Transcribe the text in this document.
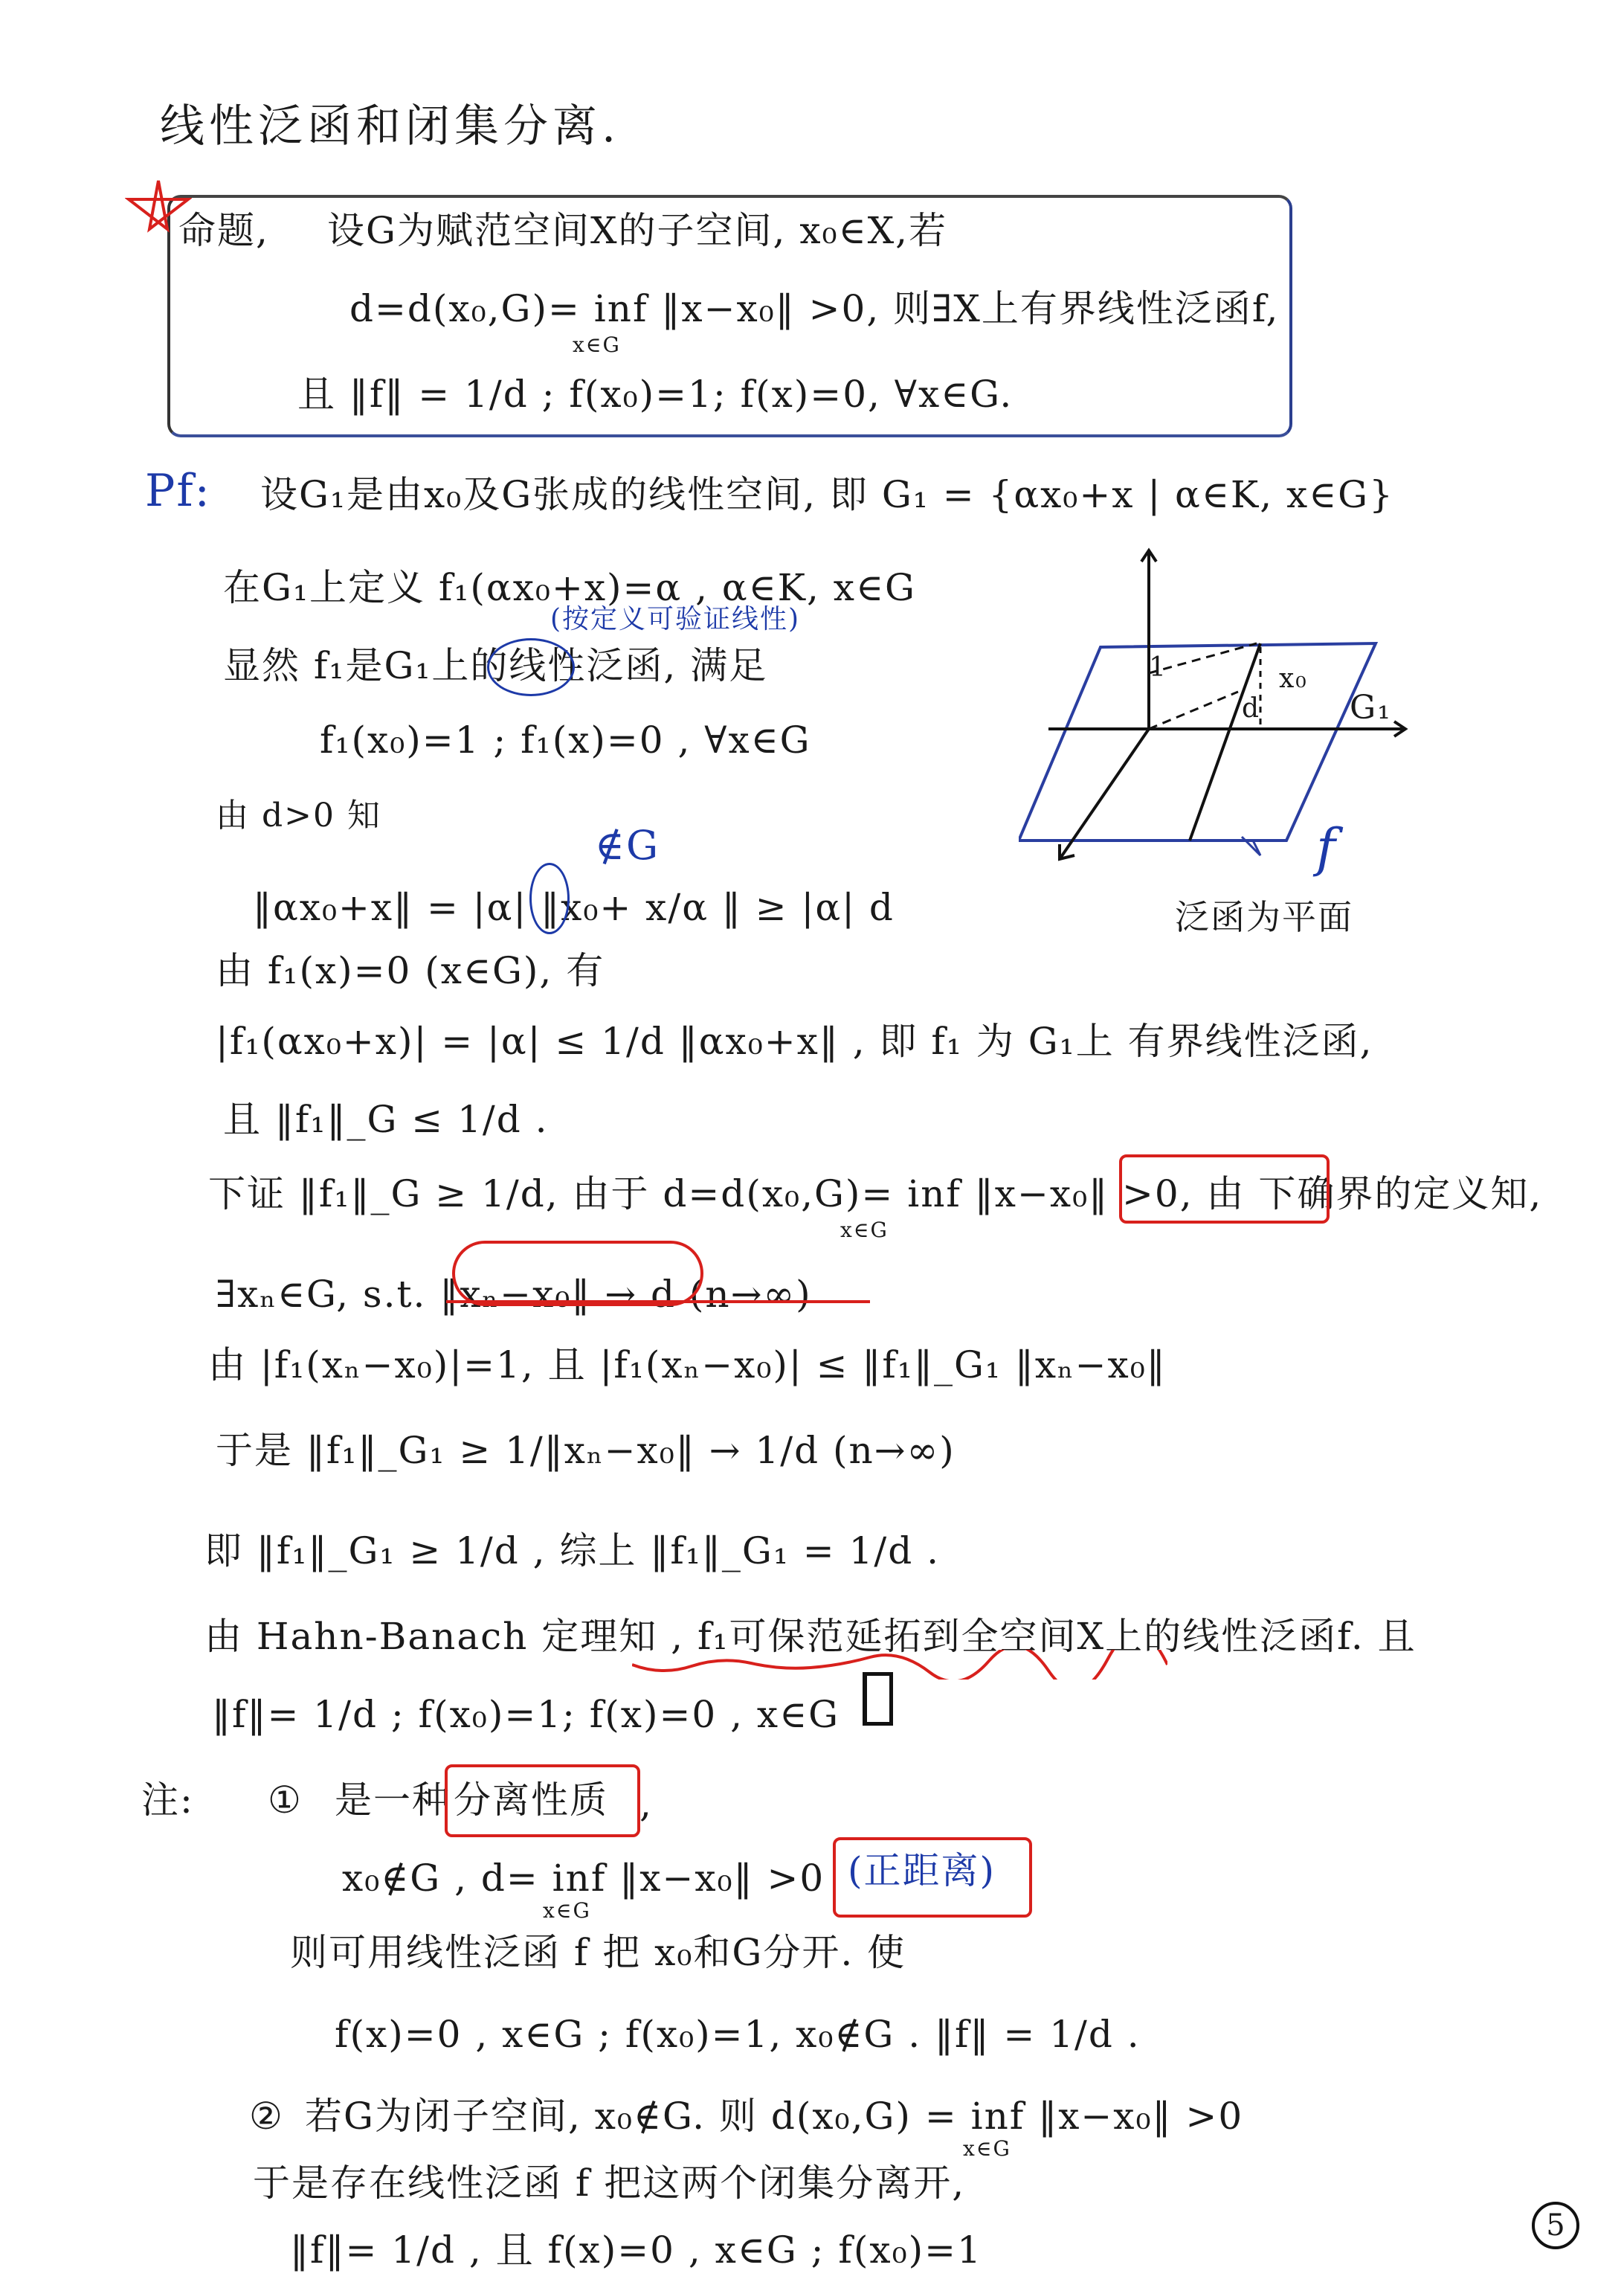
线性泛函和闭集分离.
命题, 设G为赋范空间X的子空间, x₀∈X,若
d=d(x₀,G)= inf ‖x−x₀‖ >0, 则∃X上有界线性泛函f,
x∈G
且 ‖f‖ = 1/d ; f(x₀)=1; f(x)=0, ∀x∈G.
Pf: 设G₁是由x₀及G张成的线性空间, 即 G₁ = {αx₀+x | α∈K, x∈G}
在G₁上定义 f₁(αx₀+x)=α , α∈K, x∈G
(按定义可验证线性)
显然 f₁是G₁上的线性泛函, 满足
f₁(x₀)=1 ; f₁(x)=0 , ∀x∈G
由 d>0 知
∉G
‖αx₀+x‖ = |α| ‖x₀+ x/α ‖ ≥ |α| d
由 f₁(x)=0 (x∈G), 有
|f₁(αx₀+x)| = |α| ≤ 1/d ‖αx₀+x‖ , 即 f₁ 为 G₁上 有界线性泛函,
且 ‖f₁‖_G ≤ 1/d .
下证 ‖f₁‖_G ≥ 1/d, 由于 d=d(x₀,G)= inf ‖x−x₀‖ >0, 由 下确界的定义知,
x∈G
∃xₙ∈G, s.t. ‖xₙ−x₀‖ → d (n→∞)
由 |f₁(xₙ−x₀)|=1, 且 |f₁(xₙ−x₀)| ≤ ‖f₁‖_G₁ ‖xₙ−x₀‖
于是 ‖f₁‖_G₁ ≥ 1/‖xₙ−x₀‖ → 1/d (n→∞)
即 ‖f₁‖_G₁ ≥ 1/d , 综上 ‖f₁‖_G₁ = 1/d .
由 Hahn-Banach 定理知 , f₁可保范延拓到全空间X上的线性泛函f. 且
‖f‖= 1/d ; f(x₀)=1; f(x)=0 , x∈G
1	x₀
d	G₁
f
泛函为平面
注: ① 是一种 分离性质 ,
x₀∉G , d= inf ‖x−x₀‖ >0
x∈G
(正距离)
则可用线性泛函 f 把 x₀和G分开. 使
f(x)=0 , x∈G ; f(x₀)=1, x₀∉G . ‖f‖ = 1/d .
② 若G为闭子空间, x₀∉G. 则 d(x₀,G) = inf ‖x−x₀‖ >0
x∈G
于是存在线性泛函 f 把这两个闭集分离开,
‖f‖= 1/d , 且 f(x)=0 , x∈G ; f(x₀)=1
5
